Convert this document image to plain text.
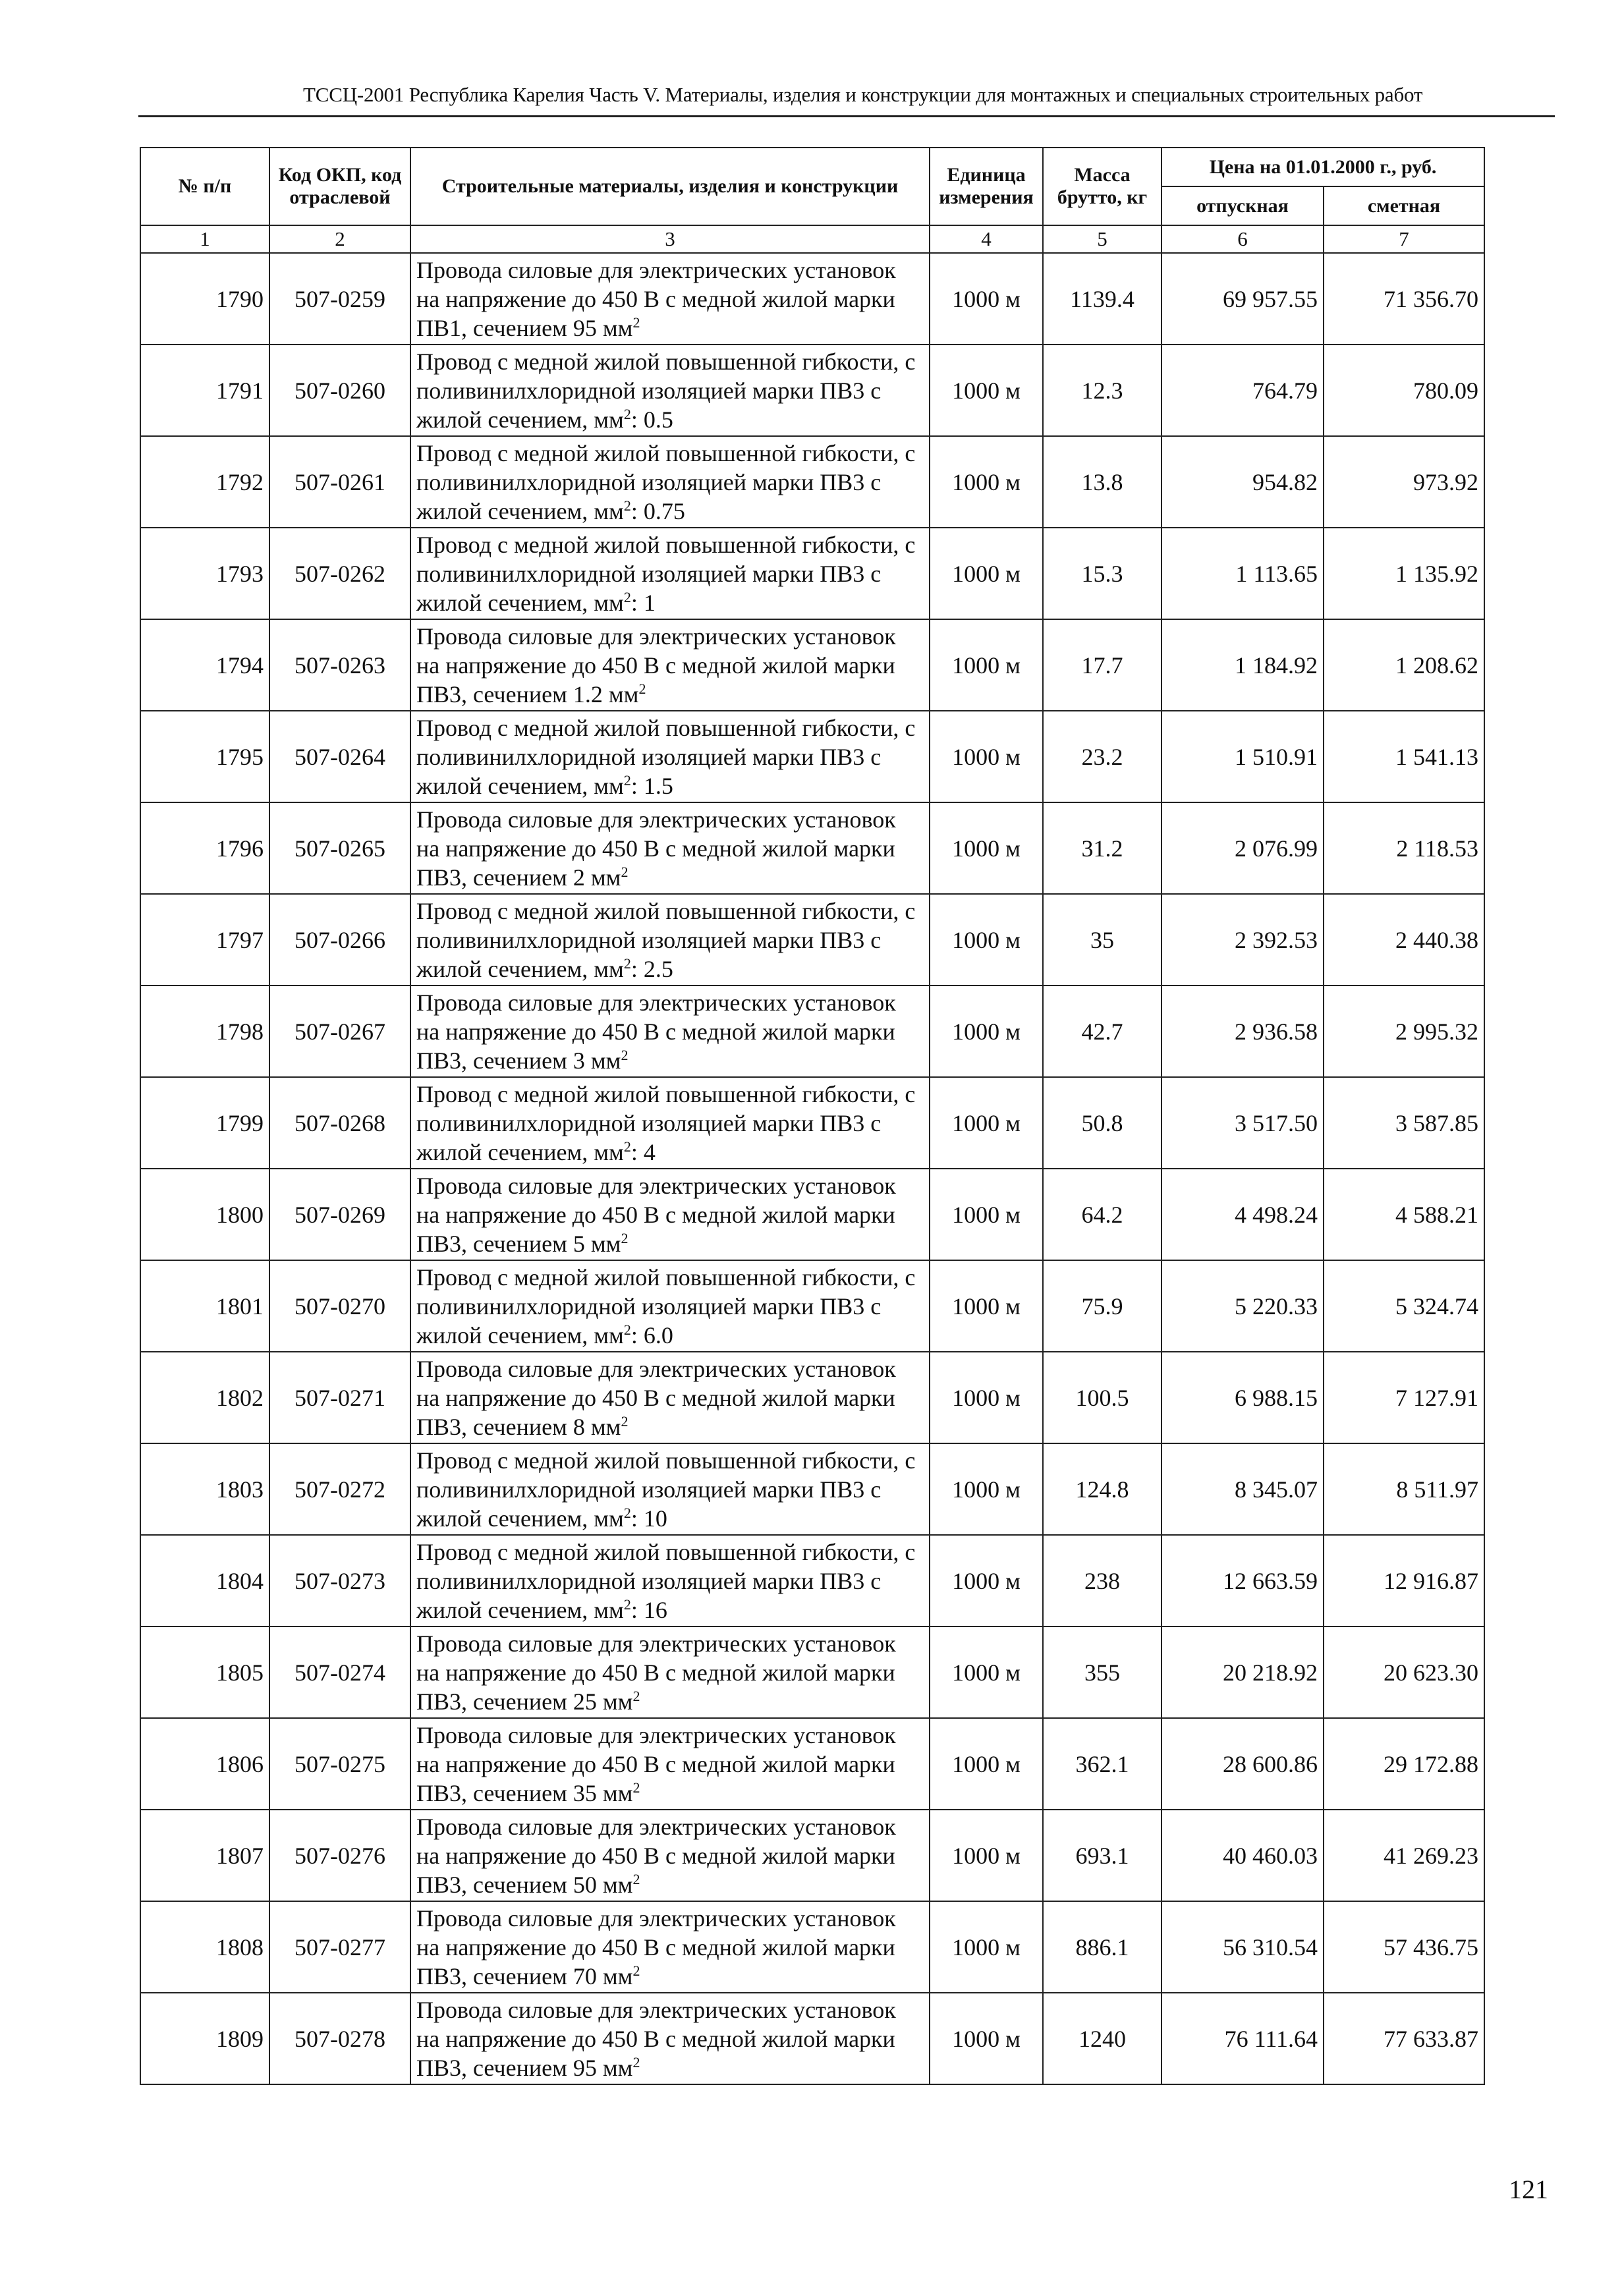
ТССЦ-2001 Республика Карелия Часть V. Материалы, изделия и конструкции для монтажных и специальных строительных работ
№ п/п	Код ОКП, код отраслевой	Строительные материалы, изделия и конструкции	Единица измерения	Масса брутто, кг	Цена на 01.01.2000 г., руб.	
					отпускная	сметная
1	2	3	4	5	6	7
1790	507-0259	Провода силовые для электрических установок на напряжение до 450 В с медной жилой марки ПВ1, сечением 95 $мм^2$	1000 м	1139.4	69 957.55	71 356.70
1791	507-0260	Провод с медной жилой повышенной гибкости, с поливинилхлоридной изоляцией марки ПВ3 с жилой сечением, $мм^2$: 0.5	1000 м	12.3	764.79	780.09
1792	507-0261	Провод с медной жилой повышенной гибкости, с поливинилхлоридной изоляцией марки ПВ3 с жилой сечением, $мм^2$: 0.75	1000 м	13.8	954.82	973.92
1793	507-0262	Провод с медной жилой повышенной гибкости, с поливинилхлоридной изоляцией марки ПВ3 с жилой сечением, $мм^2$: 1	1000 м	15.3	1 113.65	1 135.92
1794	507-0263	Провода силовые для электрических установок на напряжение до 450 В с медной жилой марки ПВ3, сечением 1.2 $мм^2$	1000 м	17.7	1 184.92	1 208.62
1795	507-0264	Провод с медной жилой повышенной гибкости, с поливинилхлоридной изоляцией марки ПВ3 с жилой сечением, $мм^2$: 1.5	1000 м	23.2	1 510.91	1 541.13
1796	507-0265	Провода силовые для электрических установок на напряжение до 450 В с медной жилой марки ПВ3, сечением 2 $мм^2$	1000 м	31.2	2 076.99	2 118.53
1797	507-0266	Провод с медной жилой повышенной гибкости, с поливинилхлоридной изоляцией марки ПВ3 с жилой сечением, $мм^2$: 2.5	1000 м	35	2 392.53	2 440.38
1798	507-0267	Провода силовые для электрических установок на напряжение до 450 В с медной жилой марки ПВ3, сечением 3 $мм^2$	1000 м	42.7	2 936.58	2 995.32
1799	507-0268	Провод с медной жилой повышенной гибкости, с поливинилхлоридной изоляцией марки ПВ3 с жилой сечением, $мм^2$: 4	1000 м	50.8	3 517.50	3 587.85
1800	507-0269	Провода силовые для электрических установок на напряжение до 450 В с медной жилой марки ПВ3, сечением 5 $мм^2$	1000 м	64.2	4 498.24	4 588.21
1801	507-0270	Провод с медной жилой повышенной гибкости, с поливинилхлоридной изоляцией марки ПВ3 с жилой сечением, $мм^2$: 6.0	1000 м	75.9	5 220.33	5 324.74
1802	507-0271	Провода силовые для электрических установок на напряжение до 450 В с медной жилой марки ПВ3, сечением 8 $мм^2$	1000 м	100.5	6 988.15	7 127.91
1803	507-0272	Провод с медной жилой повышенной гибкости, с поливинилхлоридной изоляцией марки ПВ3 с жилой сечением, $мм^2$: 10	1000 м	124.8	8 345.07	8 511.97
1804	507-0273	Провод с медной жилой повышенной гибкости, с поливинилхлоридной изоляцией марки ПВ3 с жилой сечением, $мм^2$: 16	1000 м	238	12 663.59	12 916.87
1805	507-0274	Провода силовые для электрических установок на напряжение до 450 В с медной жилой марки ПВ3, сечением 25 $мм^2$	1000 м	355	20 218.92	20 623.30
1806	507-0275	Провода силовые для электрических установок на напряжение до 450 В с медной жилой марки ПВ3, сечением 35 $мм^2$	1000 м	362.1	28 600.86	29 172.88
1807	507-0276	Провода силовые для электрических установок на напряжение до 450 В с медной жилой марки ПВ3, сечением 50 $мм^2$	1000 м	693.1	40 460.03	41 269.23
1808	507-0277	Провода силовые для электрических установок на напряжение до 450 В с медной жилой марки ПВ3, сечением 70 $мм^2$	1000 м	886.1	56 310.54	57 436.75
1809	507-0278	Провода силовые для электрических установок на напряжение до 450 В с медной жилой марки ПВ3, сечением 95 $мм^2$	1000 м	1240	76 111.64	77 633.87
121
